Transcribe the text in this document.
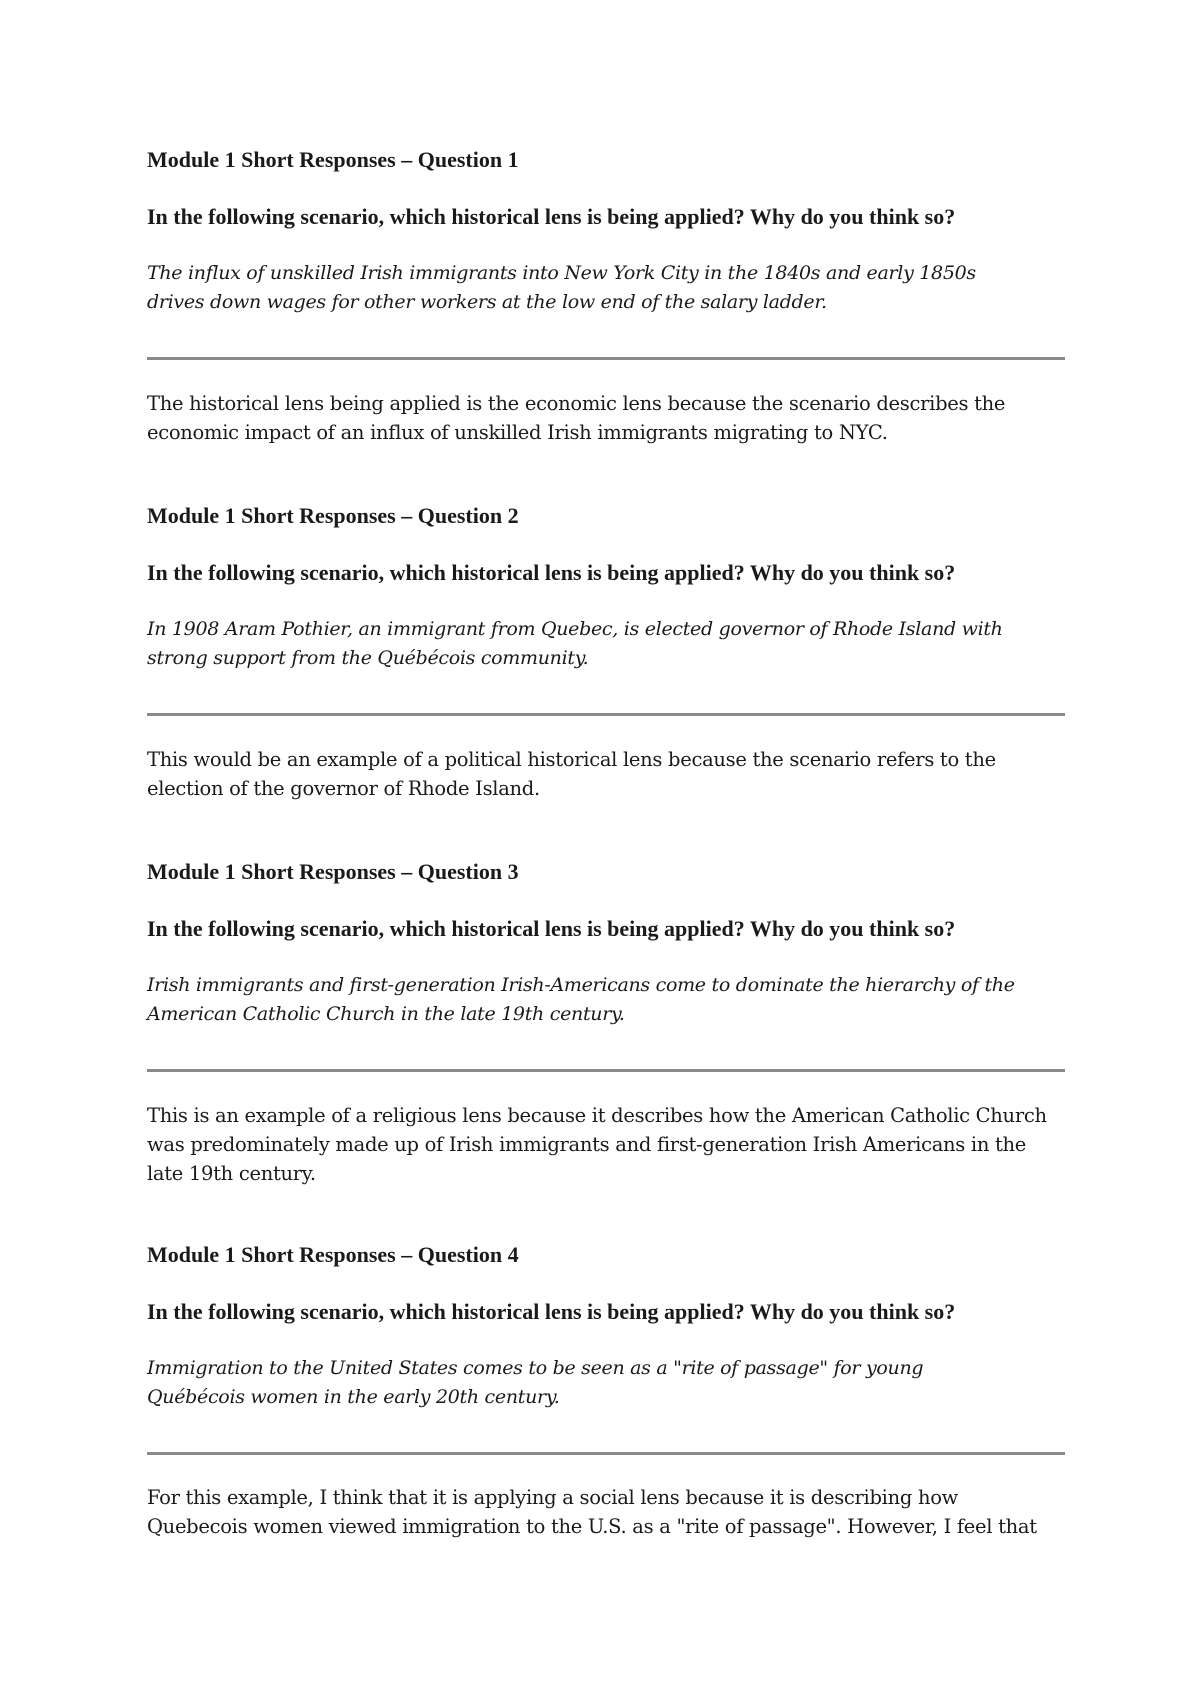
Module 1 Short Responses – Question 1
In the following scenario, which historical lens is being applied? Why do you think so?
The influx of unskilled Irish immigrants into New York City in the 1840s and early 1850s
drives down wages for other workers at the low end of the salary ladder.
The historical lens being applied is the economic lens because the scenario describes the
economic impact of an influx of unskilled Irish immigrants migrating to NYC.
Module 1 Short Responses – Question 2
In the following scenario, which historical lens is being applied? Why do you think so?
In 1908 Aram Pothier, an immigrant from Quebec, is elected governor of Rhode Island with
strong support from the Québécois community.
This would be an example of a political historical lens because the scenario refers to the
election of the governor of Rhode Island.
Module 1 Short Responses – Question 3
In the following scenario, which historical lens is being applied? Why do you think so?
Irish immigrants and first-generation Irish-Americans come to dominate the hierarchy of the
American Catholic Church in the late 19th century.
This is an example of a religious lens because it describes how the American Catholic Church
was predominately made up of Irish immigrants and first-generation Irish Americans in the
late 19th century.
Module 1 Short Responses – Question 4
In the following scenario, which historical lens is being applied? Why do you think so?
Immigration to the United States comes to be seen as a "rite of passage" for young
Québécois women in the early 20th century.
For this example, I think that it is applying a social lens because it is describing how
Quebecois women viewed immigration to the U.S. as a "rite of passage". However, I feel that
